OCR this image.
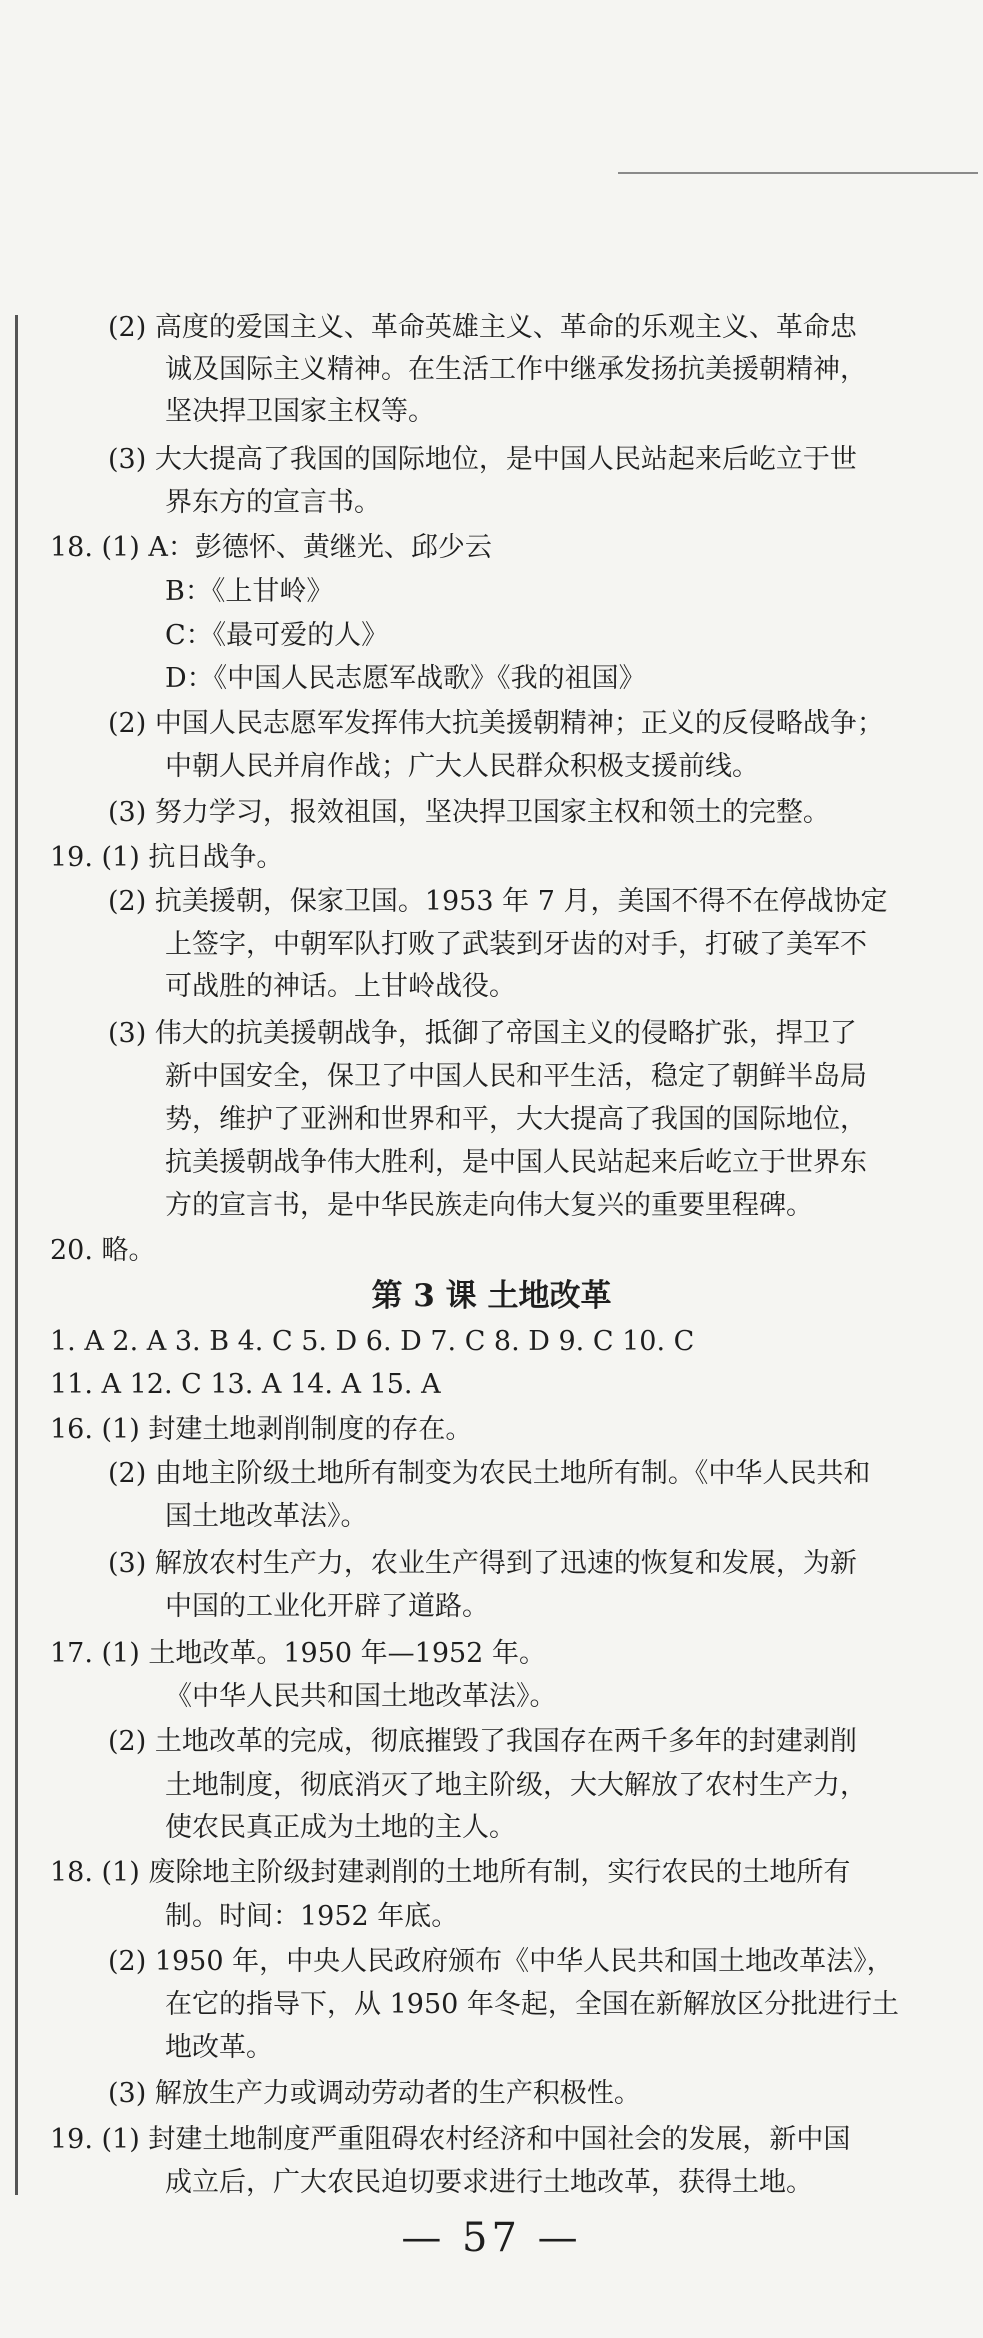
(2) 高度的爱国主义、革命英雄主义、革命的乐观主义、革命忠
诚及国际主义精神。在生活工作中继承发扬抗美援朝精神，
坚决捍卫国家主权等。
(3) 大大提高了我国的国际地位，是中国人民站起来后屹立于世
界东方的宣言书。
18. (1) A：彭德怀、黄继光、邱少云
B：《上甘岭》
C：《最可爱的人》
D：《中国人民志愿军战歌》《我的祖国》
(2) 中国人民志愿军发挥伟大抗美援朝精神；正义的反侵略战争；
中朝人民并肩作战；广大人民群众积极支援前线。
(3) 努力学习，报效祖国，坚决捍卫国家主权和领土的完整。
19. (1) 抗日战争。
(2) 抗美援朝，保家卫国。1953 年 7 月，美国不得不在停战协定
上签字，中朝军队打败了武装到牙齿的对手，打破了美军不
可战胜的神话。上甘岭战役。
(3) 伟大的抗美援朝战争，抵御了帝国主义的侵略扩张，捍卫了
新中国安全，保卫了中国人民和平生活，稳定了朝鲜半岛局
势，维护了亚洲和世界和平，大大提高了我国的国际地位，
抗美援朝战争伟大胜利，是中国人民站起来后屹立于世界东
方的宣言书，是中华民族走向伟大复兴的重要里程碑。
20. 略。
第 3 课 土地改革
1. A 2. A 3. B 4. C 5. D 6. D 7. C 8. D 9. C 10. C
11. A 12. C 13. A 14. A 15. A
16. (1) 封建土地剥削制度的存在。
(2) 由地主阶级土地所有制变为农民土地所有制。《中华人民共和
国土地改革法》。
(3) 解放农村生产力，农业生产得到了迅速的恢复和发展，为新
中国的工业化开辟了道路。
17. (1) 土地改革。1950 年—1952 年。
《中华人民共和国土地改革法》。
(2) 土地改革的完成，彻底摧毁了我国存在两千多年的封建剥削
土地制度，彻底消灭了地主阶级，大大解放了农村生产力，
使农民真正成为土地的主人。
18. (1) 废除地主阶级封建剥削的土地所有制，实行农民的土地所有
制。时间：1952 年底。
(2) 1950 年，中央人民政府颁布《中华人民共和国土地改革法》，
在它的指导下，从 1950 年冬起，全国在新解放区分批进行土
地改革。
(3) 解放生产力或调动劳动者的生产积极性。
19. (1) 封建土地制度严重阻碍农村经济和中国社会的发展，新中国
成立后，广大农民迫切要求进行土地改革，获得土地。
— 57 —
